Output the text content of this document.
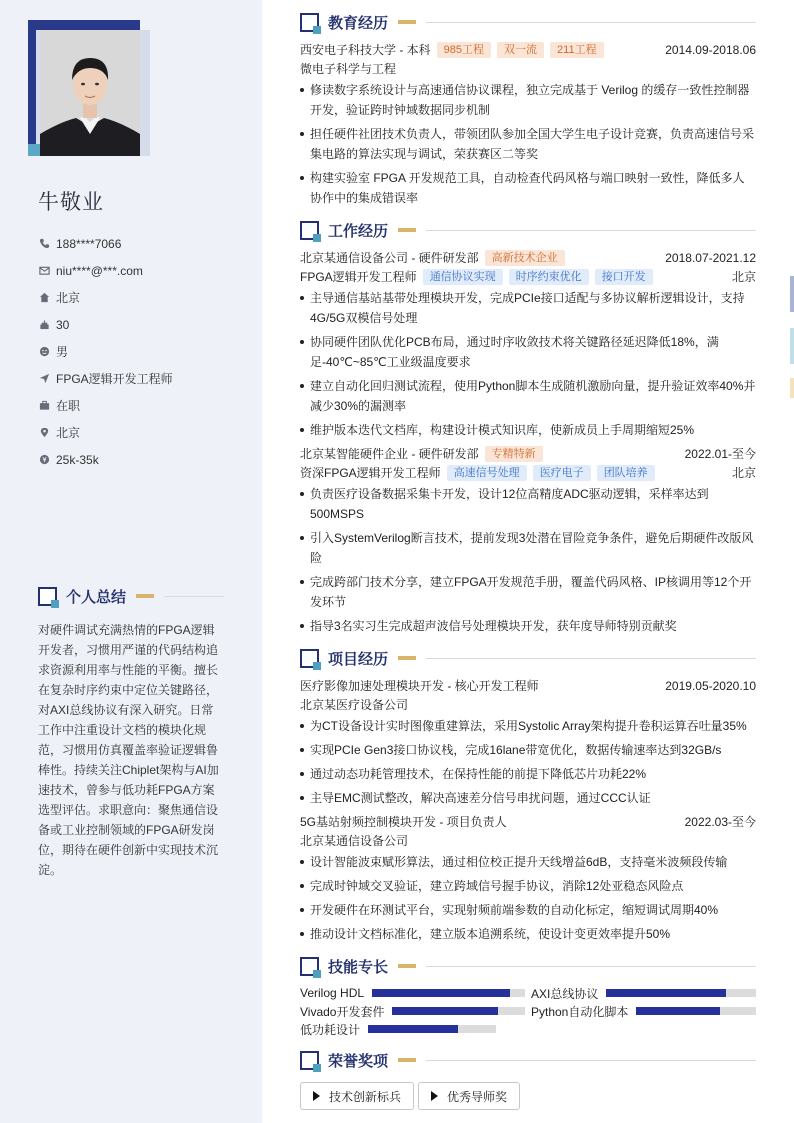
牛敬业
188****7066
niu****@***.com
北京
30
男
FPGA逻辑开发工程师
在职
北京
25k-35k
个人总结
对硬件调试充满热情的FPGA逻辑开发者，习惯用严谨的代码结构追求资源利用率与性能的平衡。擅长在复杂时序约束中定位关键路径，对AXI总线协议有深入研究。日常工作中注重设计文档的模块化规范，习惯用仿真覆盖率验证逻辑鲁棒性。持续关注Chiplet架构与AI加速技术，曾参与低功耗FPGA方案选型评估。求职意向：聚焦通信设备或工业控制领域的FPGA研发岗位，期待在硬件创新中实现技术沉淀。
教育经历
西安电子科技大学 - 本科	985工程	双一流	211工程	2014.09-2018.06
微电子科学与工程
修读数字系统设计与高速通信协议课程，独立完成基于 Verilog 的缓存一致性控制器开发，验证跨时钟域数据同步机制
担任硬件社团技术负责人，带领团队参加全国大学生电子设计竞赛，负责高速信号采集电路的算法实现与调试，荣获赛区二等奖
构建实验室 FPGA 开发规范工具，自动检查代码风格与端口映射一致性，降低多人协作中的集成错误率
工作经历
北京某通信设备公司 - 硬件研发部	高新技术企业	2018.07-2021.12
FPGA逻辑开发工程师	通信协议实现	时序约束优化	接口开发	北京
主导通信基站基带处理模块开发，完成PCIe接口适配与多协议解析逻辑设计，支持4G/5G双模信号处理
协同硬件团队优化PCB布局，通过时序收敛技术将关键路径延迟降低18%，满足-40℃~85℃工业级温度要求
建立自动化回归测试流程，使用Python脚本生成随机激励向量，提升验证效率40%并减少30%的漏测率
维护版本迭代文档库，构建设计模式知识库，使新成员上手周期缩短25%
北京某智能硬件企业 - 硬件研发部	专精特新	2022.01-至今
资深FPGA逻辑开发工程师	高速信号处理	医疗电子	团队培养	北京
负责医疗设备数据采集卡开发，设计12位高精度ADC驱动逻辑，采样率达到500MSPS
引入SystemVerilog断言技术，提前发现3处潜在冒险竞争条件，避免后期硬件改版风险
完成跨部门技术分享，建立FPGA开发规范手册，覆盖代码风格、IP核调用等12个开发环节
指导3名实习生完成超声波信号处理模块开发，获年度导师特别贡献奖
项目经历
医疗影像加速处理模块开发 - 核心开发工程师	2019.05-2020.10
北京某医疗设备公司
为CT设备设计实时图像重建算法，采用Systolic Array架构提升卷积运算吞吐量35%
实现PCIe Gen3接口协议栈，完成16lane带宽优化，数据传输速率达到32GB/s
通过动态功耗管理技术，在保持性能的前提下降低芯片功耗22%
主导EMC测试整改，解决高速差分信号串扰问题，通过CCC认证
5G基站射频控制模块开发 - 项目负责人	2022.03-至今
北京某通信设备公司
设计智能波束赋形算法，通过相位校正提升天线增益6dB，支持毫米波频段传输
完成时钟域交叉验证，建立跨域信号握手协议，消除12处亚稳态风险点
开发硬件在环测试平台，实现射频前端参数的自动化标定，缩短调试周期40%
推动设计文档标准化，建立版本追溯系统，使设计变更效率提升50%
技能专长
Verilog HDL	AXI总线协议
Vivado开发套件	Python自动化脚本
低功耗设计
荣誉奖项
技术创新标兵	优秀导师奖
